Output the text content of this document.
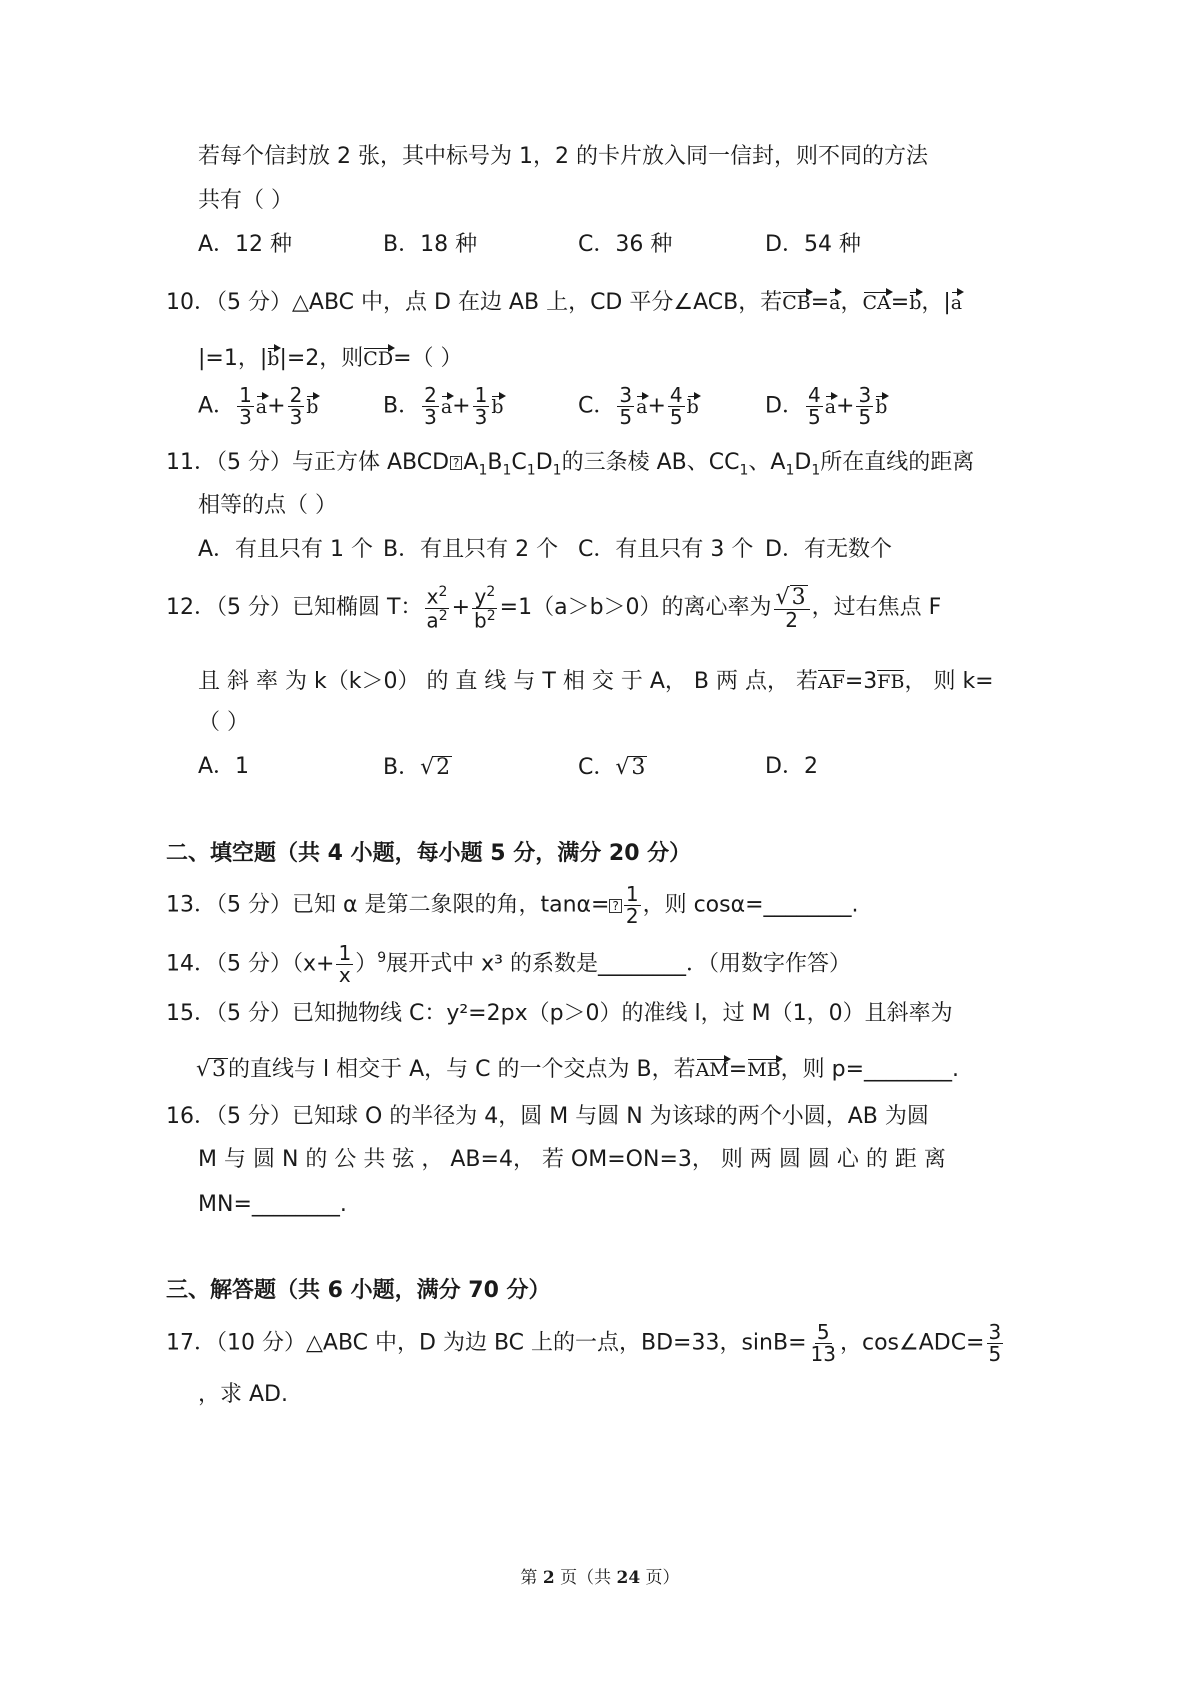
若每个信封放 2 张，其中标号为 1，2 的卡片放入同一信封，则不同的方法
共有（ ）
A．12 种	B．18 种	C．36 种	D．54 种
10．（5 分）△ABC 中，点 D 在边 AB 上，CD 平分∠ACB，若CB=a，CA=b，|a
|=1，|b|=2，则CD=（ ）
A． $\frac{1}{3} a+ \frac{2}{3}$ b	B． $\frac{2}{3} a+ \frac{1}{3}$ b	C． $\frac{3}{5} a+ \frac{4}{5}$ b	D． $\frac{4}{5} a+ \frac{3}{5}$ b
11．（5 分）与正方体 ABCD ? $A_1B_1C_1D_1$的三条棱 AB、$CC_1$、$A_1D_1$所在直线的距离
相等的点（ ）
A．有且只有 1 个 B．有且只有 2 个 C．有且只有 3 个 D．有无数个
12．（5 分）已知椭圆 T： $\frac{x^2}{a^2} + \frac{y^2}{b^2} =1(a>b>0)$的离心率为 $\frac{√ 3}{2}$ ，过右焦点 F
且 斜 率 为 k（k＞0） 的 直 线 与 T 相 交 于 A， B 两 点， 若AF=3FB， 则 k=
（ ）
A．1	B．√ 2	C．√ 3	D．2
二、填空题（共 4 小题，每小题 5 分，满分 20 分）
13．（5 分）已知 α 是第二象限的角，tanα= ? $\frac{1}{2}$ ，则 cosα=________.
14．（5 分）$(x+ \frac{1}{x} )^9$展开式中 x³ 的系数是________．（用数字作答）
15．（5 分）已知抛物线 C：y²=2px（p＞0）的准线 l，过 M（1，0）且斜率为
√ 3 的直线与 l 相交于 A，与 C 的一个交点为 B，若AM=MB，则 p=________.
16．（5 分）已知球 O 的半径为 4，圆 M 与圆 N 为该球的两个小圆，AB 为圆
M 与 圆 N 的 公 共 弦 ， AB=4， 若 OM=ON=3， 则 两 圆 圆 心 的 距 离
MN=________.
三、解答题（共 6 小题，满分 70 分）
17．（10 分）△ABC 中，D 为边 BC 上的一点，BD=33，$\sin B= \frac{5}{13}$ ，cos∠ADC= $\frac{3}{5}$
，求 AD.
第 2 页（共 24 页）
